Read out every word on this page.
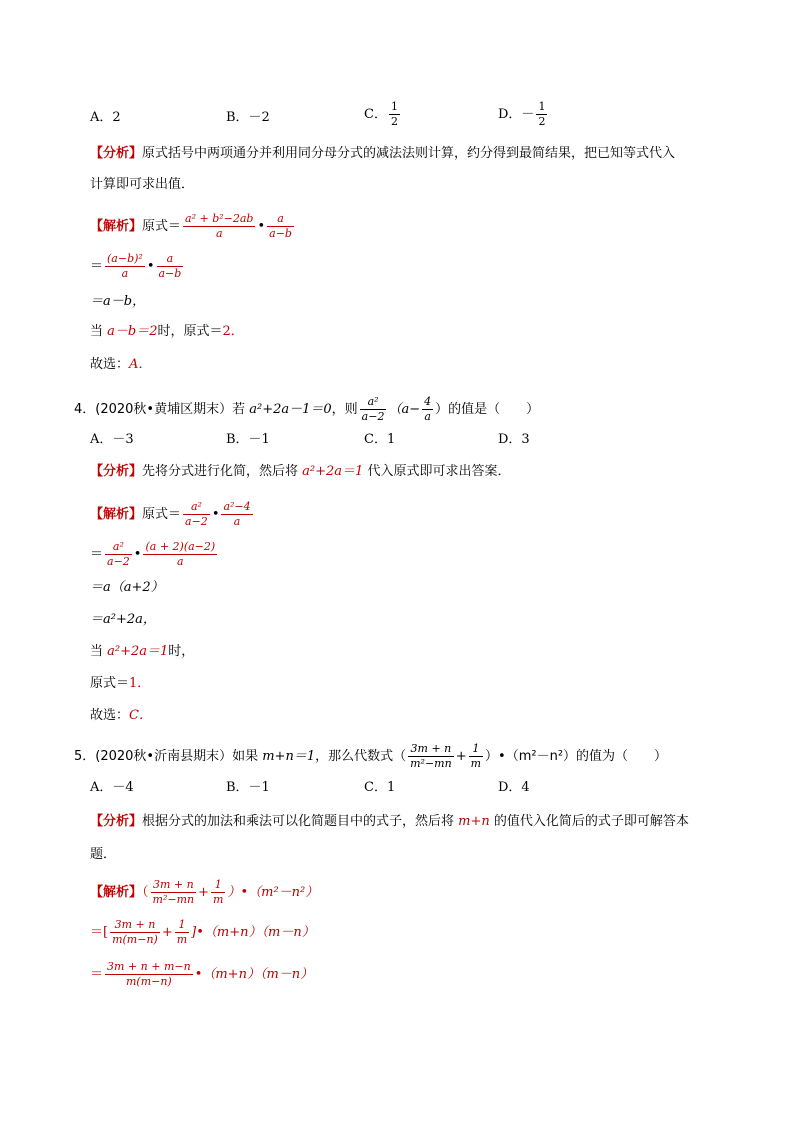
A．2	B．－2	C． $\frac{1}{2}$	D．－ $\frac{1}{2}$
【分析】原式括号中两项通分并利用同分母分式的减法法则计算，约分得到最简结果，把已知等式代入
计算即可求出值．
【解析】原式＝ $\frac{\text{a² + b²−2ab}}{a}$ • $\frac{a}{a-b}$
＝ $\frac{\text{(a−b)²}}{a}$ • $\frac{a}{a-b}$
＝a－b，
当 a－b＝2时，原式＝2．
故选：A．
4．(2020秋•黄埔区期末）若 a²+2a－1＝0，则 $\frac{\text{a²}}{a-2} (a- \frac{4}{a}$ ）的值是（　　）
A．－3	B．－1	C．1	D．3
【分析】先将分式进行化简，然后将 a²+2a＝1 代入原式即可求出答案．
【解析】原式＝ $\frac{\text{a²}}{a-2}$ • $\frac{\text{a²−4}}{a}$
＝ $\frac{\text{a²}}{a-2}$ • $\frac{(a + 2)(a-2)}{a}$
＝a（a+2）
＝a²+2a，
当 a²+2a＝1时，
原式＝1．
故选：C．
5．(2020秋•沂南县期末）如果 m+n＝1，那么代数式（ $\frac{3m + n}{\text{m²−mn}} + \frac{1}{m}$ ）•（m²－n²）的值为（　　）
A．－4	B．－1	C．1	D．4
【分析】根据分式的加法和乘法可以化简题目中的式子，然后将 m+n 的值代入化简后的式子即可解答本
题．
【解析】（ $\frac{3m + n}{\text{m²−mn}} + \frac{1}{m}$ ）•（m²－n²）
＝[ $\frac{3m + n}{m(m-n)} + \frac{1}{m}$ ]•（m+n）（m－n）
＝ $\frac{3m + n + m-n}{m(m-n)}$ •（m+n）（m－n）
